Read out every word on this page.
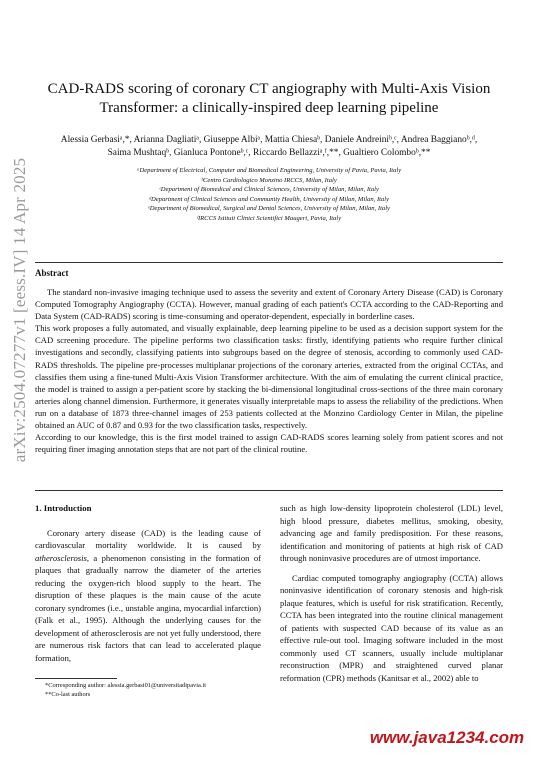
arXiv:2504.07277v1 [eess.IV] 14 Apr 2025
CAD-RADS scoring of coronary CT angiography with Multi-Axis Vision
Transformer: a clinically-inspired deep learning pipeline
Alessia Gerbasiᵃ,*, Arianna Dagliatiᵃ, Giuseppe Albiᵃ, Mattia Chiesaᵇ, Daniele Andreiniᵇ,ᶜ, Andrea Baggianoᵇ,ᵈ,
Saima Mushtaqᵇ, Gianluca Pontoneᵇ,ᶜ, Riccardo Bellazziᵃ,ᶠ,**, Gualtiero Colomboᵇ,**
ᵃDepartment of Electrical, Computer and Biomedical Engineering, University of Pavia, Pavia, Italy
ᵇCentro Cardiologico Monzino IRCCS, Milan, Italy
ᶜDepartment of Biomedical and Clinical Sciences, University of Milan, Milan, Italy
ᵈDepartment of Clinical Sciences and Community Health, University of Milan, Milan, Italy
ᵉDepartment of Biomedical, Surgical and Dental Sciences, University of Milan, Milan, Italy
ᶠIRCCS Istituti Clinici Scientifici Maugeri, Pavia, Italy
Abstract

The standard non-invasive imaging technique used to assess the severity and extent of Coronary Artery Disease (CAD) is Coronary Computed Tomography Angiography (CCTA). However, manual grading of each patient's CCTA according to the CAD-Reporting and Data System (CAD-RADS) scoring is time-consuming and operator-dependent, especially in borderline cases.

This work proposes a fully automated, and visually explainable, deep learning pipeline to be used as a decision support system for the CAD screening procedure. The pipeline performs two classification tasks: firstly, identifying patients who require further clinical investigations and secondly, classifying patients into subgroups based on the degree of stenosis, according to commonly used CAD-RADS thresholds. The pipeline pre-processes multiplanar projections of the coronary arteries, extracted from the original CCTAs, and classifies them using a fine-tuned Multi-Axis Vision Transformer architecture. With the aim of emulating the current clinical practice, the model is trained to assign a per-patient score by stacking the bi-dimensional longitudinal cross-sections of the three main coronary arteries along channel dimension. Furthermore, it generates visually interpretable maps to assess the reliability of the predictions. When run on a database of 1873 three-channel images of 253 patients collected at the Monzino Cardiology Center in Milan, the pipeline obtained an AUC of 0.87 and 0.93 for the two classification tasks, respectively.

According to our knowledge, this is the first model trained to assign CAD-RADS scores learning solely from patient scores and not requiring finer imaging annotation steps that are not part of the clinical routine.

1. Introduction

Coronary artery disease (CAD) is the leading cause of cardiovascular mortality worldwide. It is caused by atherosclerosis, a phenomenon consisting in the formation of plaques that gradually narrow the diameter of the arteries reducing the oxygen-rich blood supply to the heart. The disruption of these plaques is the main cause of the acute coronary syndromes (i.e., unstable angina, myocardial infarction) (Falk et al., 1995). Although the underlying causes for the development of atherosclerosis are not yet fully understood, there are numerous risk factors that can lead to accelerated plaque formation,

such as high low-density lipoprotein cholesterol (LDL) level, high blood pressure, diabetes mellitus, smoking, obesity, advancing age and family predisposition. For these reasons, identification and monitoring of patients at high risk of CAD through noninvasive procedures are of utmost importance.

Cardiac computed tomography angiography (CCTA) allows noninvasive identification of coronary stenosis and high-risk plaque features, which is useful for risk stratification. Recently, CCTA has been integrated into the routine clinical management of patients with suspected CAD because of its value as an effective rule-out tool. Imaging software included in the most commonly used CT scanners, usually include multiplanar reconstruction (MPR) and straightened curved planar reformation (CPR) methods (Kanitsar et al., 2002) able to

*Corresponding author: alessia.gerbasi01@universitadipavia.it
**Co-last authors
www.java1234.com
